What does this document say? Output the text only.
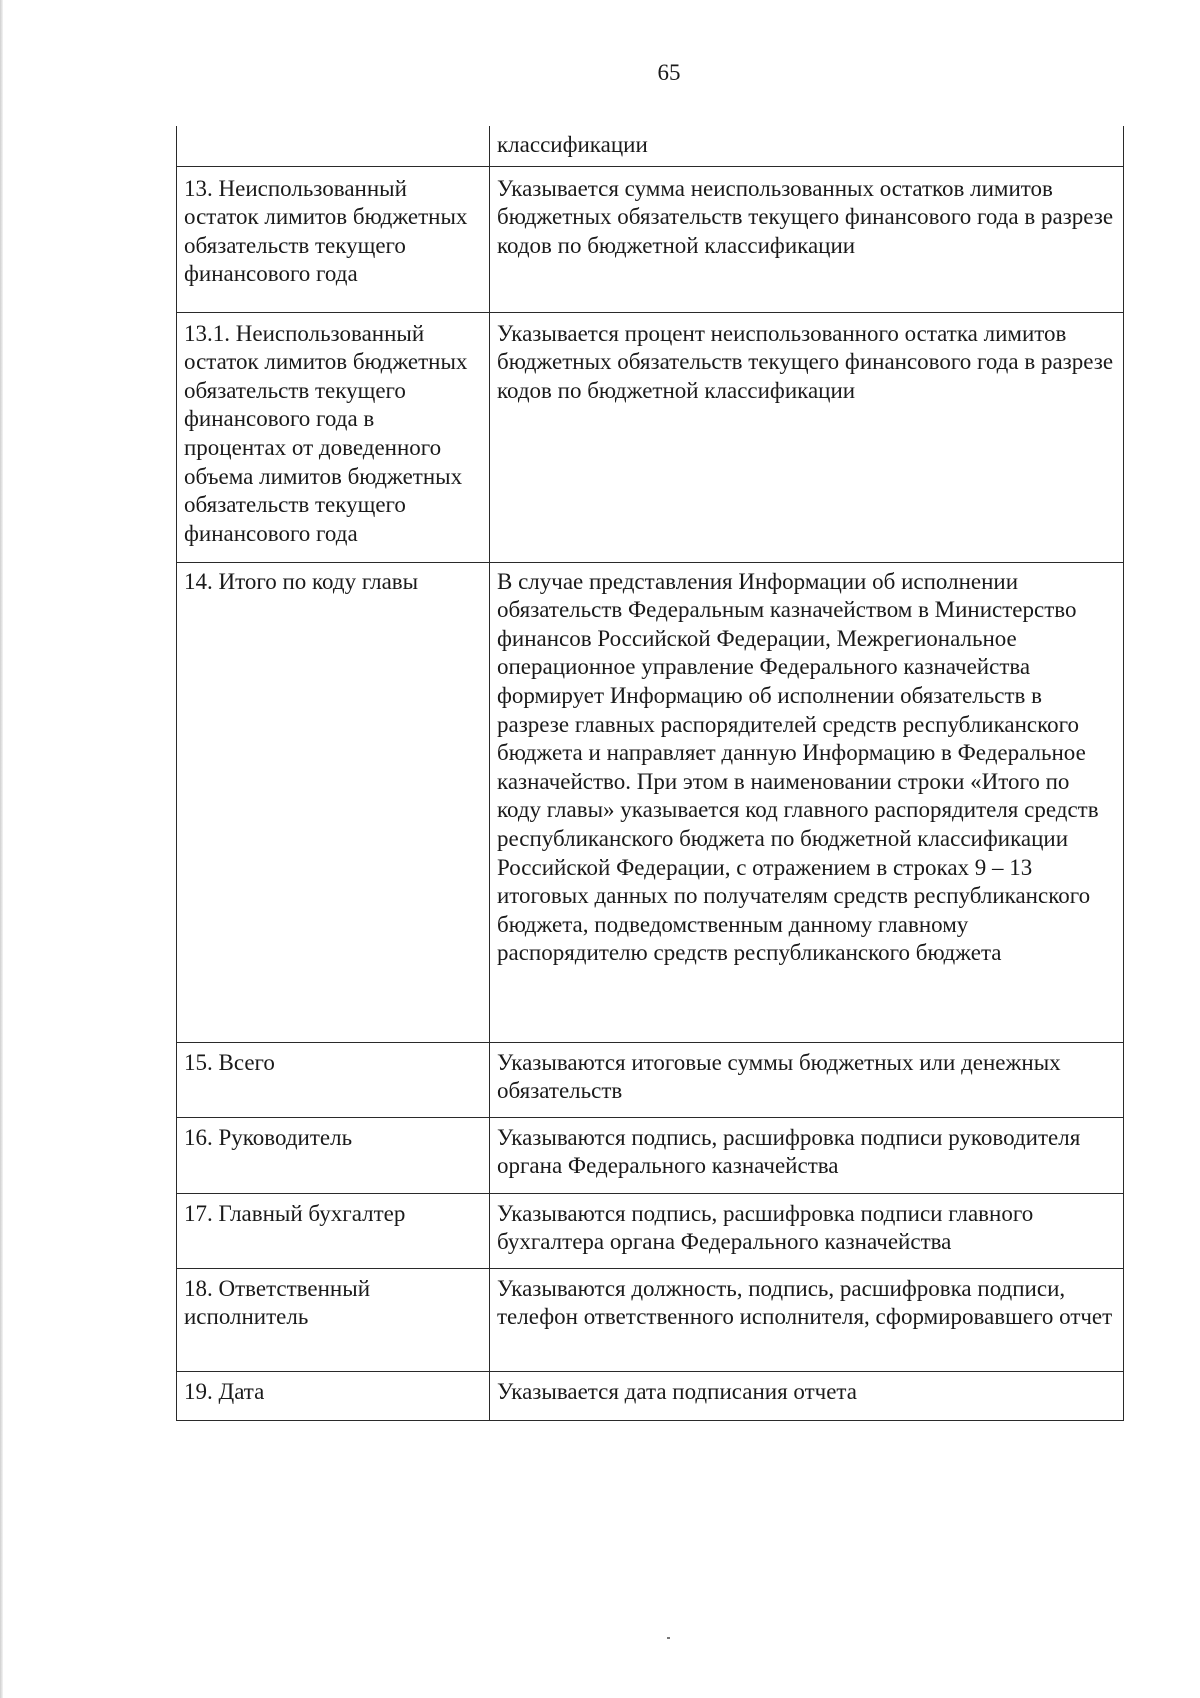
65

	классификации
13. Неиспользованный остаток лимитов бюджетных обязательств текущего финансового года	Указывается сумма неиспользованных остатков лимитов бюджетных обязательств текущего финансового года в разрезе кодов по бюджетной классификации
13.1. Неиспользованный остаток лимитов бюджетных обязательств текущего финансового года в процентах от доведенного объема лимитов бюджетных обязательств текущего финансового года	Указывается процент неиспользованного остатка лимитов бюджетных обязательств текущего финансового года в разрезе кодов по бюджетной классификации
14. Итого по коду главы	В случае представления Информации об исполнении обязательств Федеральным казначейством в Министерство финансов Российской Федерации, Межрегиональное операционное управление Федерального казначейства формирует Информацию об исполнении обязательств в разрезе главных распорядителей средств республиканского бюджета и направляет данную Информацию в Федеральное казначейство. При этом в наименовании строки «Итого по коду главы» указывается код главного распорядителя средств республиканского бюджета по бюджетной классификации Российской Федерации, с отражением в строках 9 – 13 итоговых данных по получателям средств республиканского бюджета, подведомственным данному главному распорядителю средств республиканского бюджета
15. Всего	Указываются итоговые суммы бюджетных или денежных обязательств
16. Руководитель	Указываются подпись, расшифровка подписи руководителя органа Федерального казначейства
17. Главный бухгалтер	Указываются подпись, расшифровка подписи главного бухгалтера органа Федерального казначейства
18. Ответственный исполнитель	Указываются должность, подпись, расшифровка подписи, телефон ответственного исполнителя, сформировавшего отчет
19. Дата	Указывается дата подписания отчета
